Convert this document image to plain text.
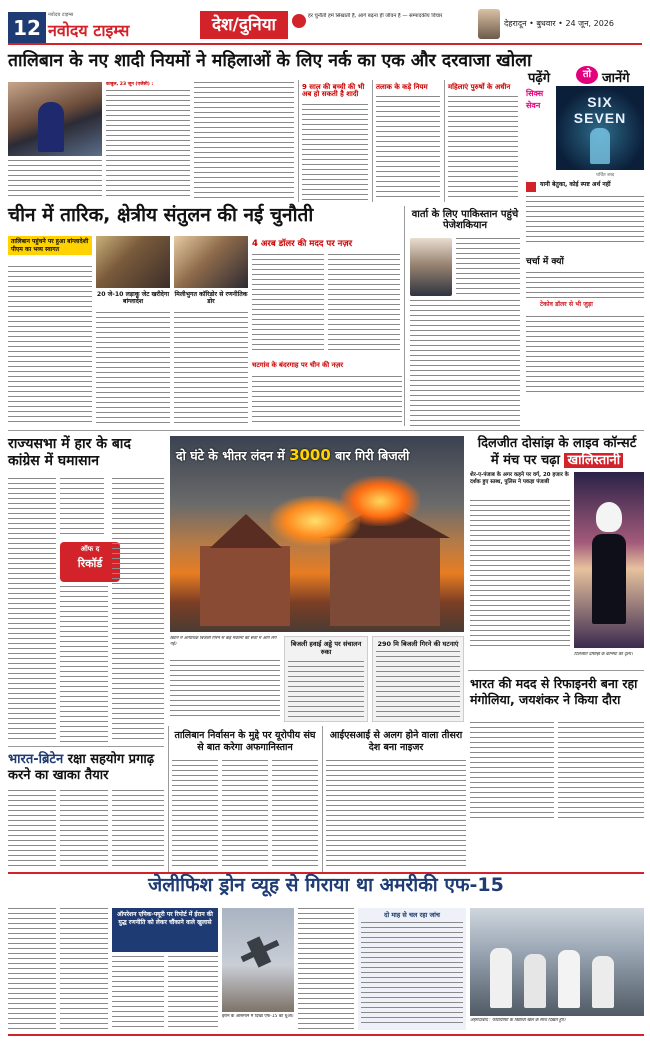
12
नवोदय टाइम्स
नवोदय टाइम्स	देश/दुनिया	हर चुनौती हमें सिखाती है, आगे बढ़ना ही जीवन है — सम्पादकीय विचार
देहरादून • बुधवार • 24 जून, 2026
तालिबान के नए शादी नियमों ने महिलाओं के लिए नर्क का एक और दरवाजा खोला
काबुल, 23 जून (एजेंसी) :	9 साल की बच्ची की भी अब हो सकती है शादी
तलाक के कड़े नियम	महिलाएं पुरुषों के अधीन
पढ़ेंगे	तो जानेंगे
सिक्स
सेवन	SIX
SEVEN
चर्चित शब्द
यानी बेतुका, कोई स्पष्ट अर्थ नहीं
चर्चा में क्यों
टेकोव डॉलर से भी जुड़ा
चीन में तारिक, क्षेत्रीय संतुलन की नई चुनौती
तालिबान पहुंचने पर हुआ बांग्लादेशी पीएम का भव्य स्वागत
20 जे-10 लड़ाकू जेट खरीदेगा बांग्लादेश
मिलीभुगत कॉरिडोर से रणनीतिक डोर
4 अरब डॉलर की मदद पर नज़र
चटगांव के बंदरगाह पर चीन की नज़र
वार्ता के लिए पाकिस्तान पहुंचे पेजेशकियान
राज्यसभा में हार के बाद कांग्रेस में घमासान
ऑफ द
रिकॉर्ड
दो घंटे के भीतर लंदन में 3000 बार गिरी बिजली
ब्रिटेन में अत्यधिक बिजली गिरने से कई मकानों की छतों में आग लग गई।	बिजली हवाई अड्डे पर संचालन रुका
290 मि बिजली गिरने की घटनाएं
दिलजीत दोसांझ के लाइव कॉन्सर्ट
में मंच पर चढ़ा खालिस्तानी
शेर-ए-पंजाब के अगर कहने पर वर्ग, 20 हजार के दर्शक हुए स्तब्ध, पुलिस ने पकड़ा पंजाबी
दिलजीत दोसांझ के कॉन्सर्ट का दृश्य।
भारत की मदद से रिफाइनरी बना रहा मंगोलिया, जयशंकर ने किया दौरा
भारत-ब्रिटेन रक्षा सहयोग प्रगाढ़ करने का खाका तैयार
तालिबान निर्वासन के मुद्दे पर यूरोपीय संघ से बात करेगा अफगानिस्तान
आईएसआई से अलग होने वाला तीसरा देश बना नाइजर
जेलीफिश ड्रोन व्यूह से गिराया था अमरीकी एफ-15
ऑपरेशन एपिक-फ्यूरी पर रिपोर्ट में ईरान की युद्ध रणनीति को लेकर चौंकाने वाले खुलासे
ईरान के आसमान में दिखा एफ-15 का धुआं।
दो माह से चल रहा जांच
अहमदाबाद : फोटोग्राफी के विद्यार्थी खेल के साथ दिखते हुए।
